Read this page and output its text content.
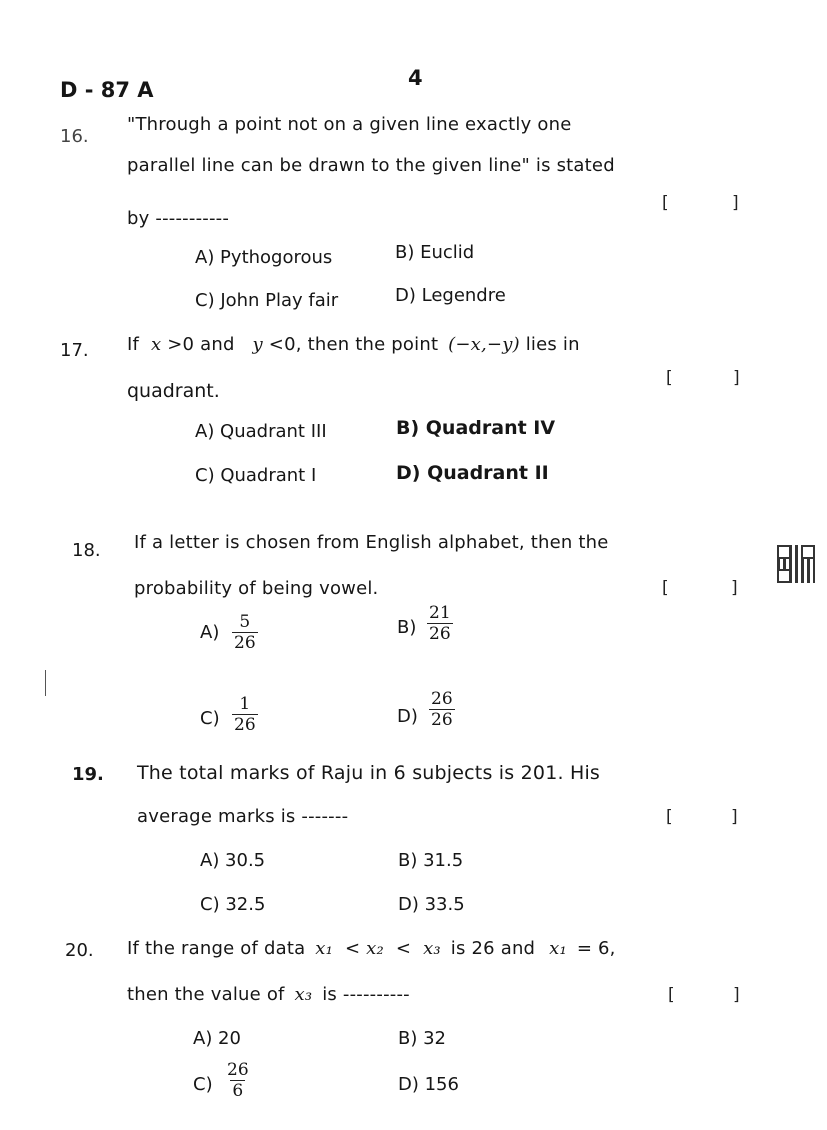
D - 87 A	4
16.
"Through a point not on a given line exactly one
parallel line can be drawn to the given line" is stated
by -----------
[	]
A) Pythogorous	B) Euclid
C) John Play fair	D) Legendre
17. If x >0 and y <0, then the point (−x,−y) lies in
quadrant.
[	]
A) Quadrant III	B) Quadrant IV
C) Quadrant I	D) Quadrant II
18. If a letter is chosen from English alphabet, then the
probability of being vowel.	[	]
$A) \frac{5}{26}$	$B) \frac{21}{26}$
$C) \frac{1}{26}$	$D) \frac{26}{26}$
19. The total marks of Raju in 6 subjects is 201. His
average marks is -------	[	]
A) 30.5	B) 31.5
C) 32.5	D) 33.5
20. If the range of data x₁ < x₂ < x₃ is 26 and x₁ = 6,
then the value of x₃ is ----------	[	]
A) 20	B) 32
$C) \frac{26}{6}$	D) 156
